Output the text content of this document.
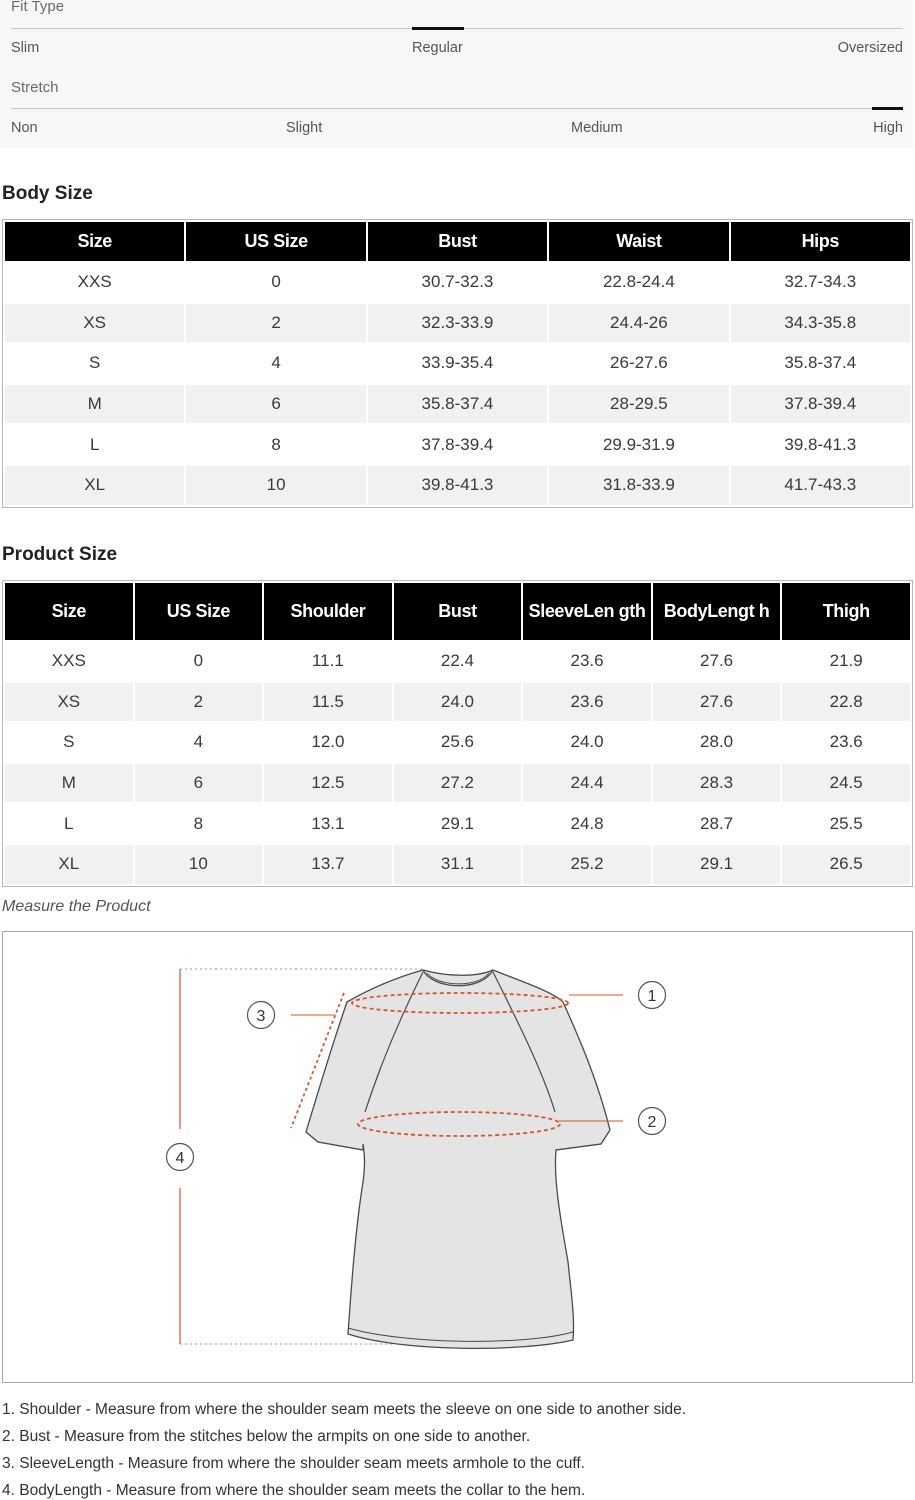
Fit Type
Slim	Regular	Oversized
Stretch
Non	Slight	Medium	High
Body Size
Size	US Size	Bust	Waist	Hips
XXS	0	30.7-32.3	22.8-24.4	32.7-34.3
XS	2	32.3-33.9	24.4-26	34.3-35.8
S	4	33.9-35.4	26-27.6	35.8-37.4
M	6	35.8-37.4	28-29.5	37.8-39.4
L	8	37.8-39.4	29.9-31.9	39.8-41.3
XL	10	39.8-41.3	31.8-33.9	41.7-43.3
Product Size
Size	US Size	Shoulder	Bust	SleeveLen gth	BodyLengt h	Thigh
XXS	0	11.1	22.4	23.6	27.6	21.9
XS	2	11.5	24.0	23.6	27.6	22.8
S	4	12.0	25.6	24.0	28.0	23.6
M	6	12.5	27.2	24.4	28.3	24.5
L	8	13.1	29.1	24.8	28.7	25.5
XL	10	13.7	31.1	25.2	29.1	26.5
Measure the Product
1
2
3
4

1. Shoulder - Measure from where the shoulder seam meets the sleeve on one side to another side.

2. Bust - Measure from the stitches below the armpits on one side to another.

3. SleeveLength - Measure from where the shoulder seam meets armhole to the cuff.

4. BodyLength - Measure from where the shoulder seam meets the collar to the hem.
